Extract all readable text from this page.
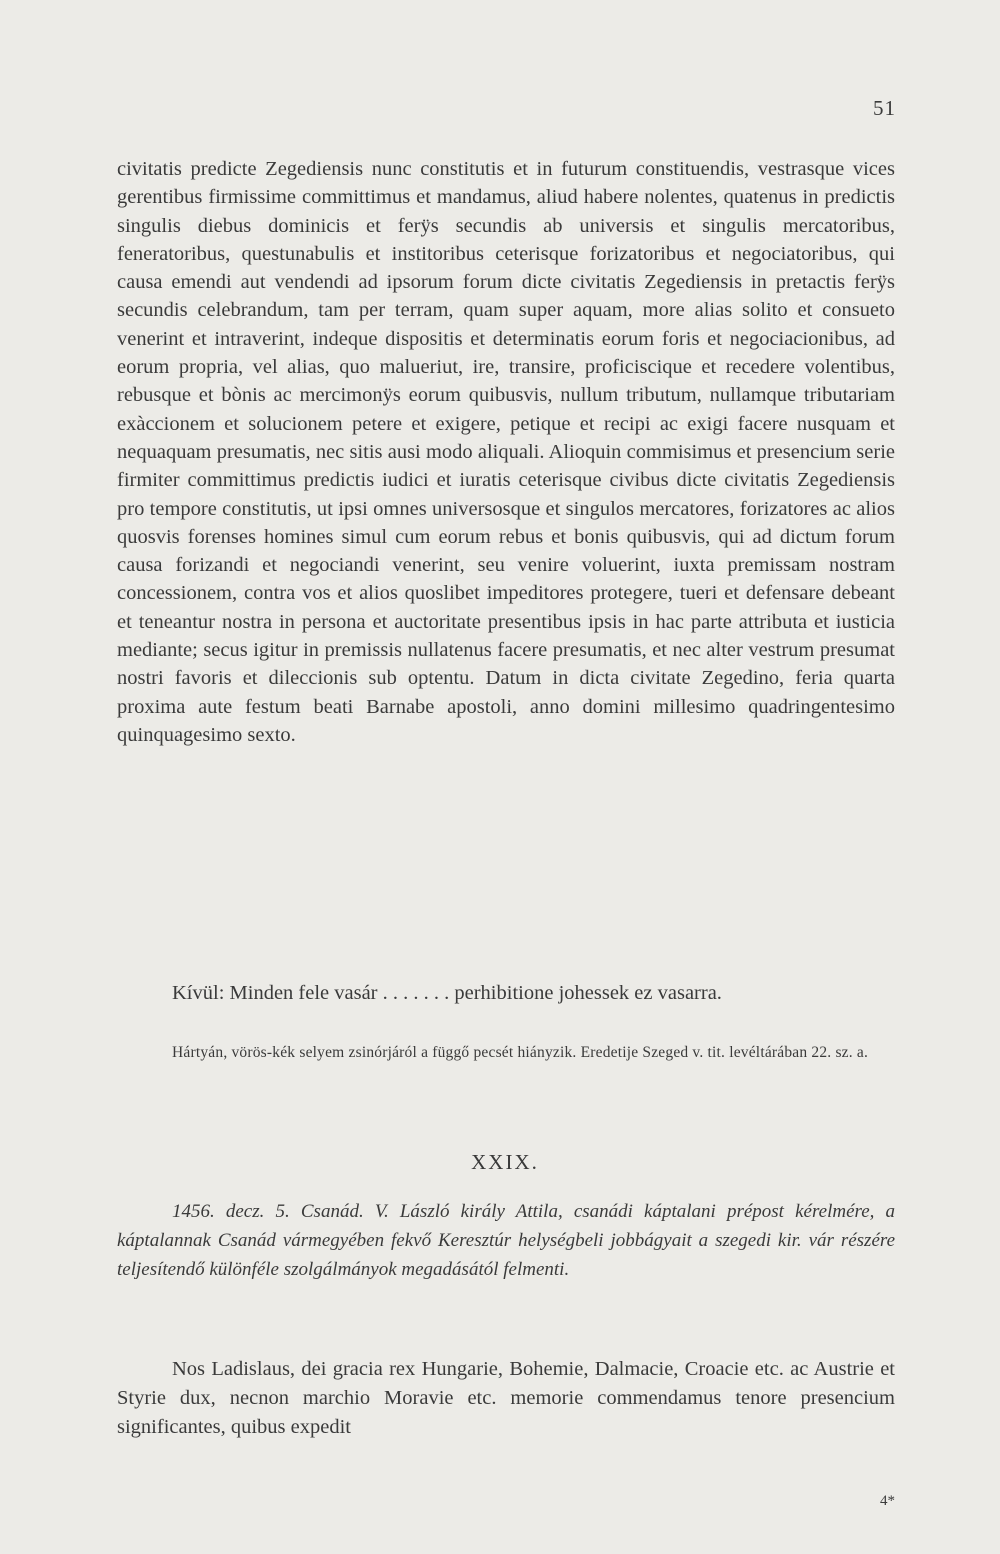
51

civitatis predicte Zegediensis nunc constitutis et in futurum constituendis, vestrasque vices gerentibus firmissime committimus et mandamus, aliud habere nolentes, quatenus in predictis singulis diebus dominicis et ferÿs secundis ab universis et singulis mercatoribus, feneratoribus, questunabulis et institoribus ceterisque forizatoribus et negociatoribus, qui causa emendi aut vendendi ad ipsorum forum dicte civitatis Zegediensis in pretactis ferÿs secundis celebrandum, tam per terram, quam super aquam, more alias solito et consueto venerint et intraverint, indeque dispositis et determinatis eorum foris et negociacionibus, ad eorum propria, vel alias, quo malueriut, ire, transire, proficiscique et recedere volentibus, rebusque et bònis ac mercimonÿs eorum quibusvis, nullum tributum, nullamque tributariam exàccionem et solucionem petere et exigere, petique et recipi ac exigi facere nusquam et nequaquam presumatis, nec sitis ausi modo aliquali. Alioquin commisimus et presencium serie firmiter committimus predictis iudici et iuratis ceterisque civibus dicte civitatis Zegediensis pro tempore constitutis, ut ipsi omnes universosque et singulos mercatores, forizatores ac alios quosvis forenses homines simul cum eorum rebus et bonis quibusvis, qui ad dictum forum causa forizandi et negociandi venerint, seu venire voluerint, iuxta premissam nostram concessionem, contra vos et alios quoslibet impeditores protegere, tueri et defensare debeant et teneantur nostra in persona et auctoritate presentibus ipsis in hac parte attributa et iusticia mediante; secus igitur in premissis nullatenus facere presumatis, et nec alter vestrum presumat nostri favoris et dileccionis sub optentu. Datum in dicta civitate Zegedino, feria quarta proxima aute festum beati Barnabe apostoli, anno domini millesimo quadringentesimo quinquagesimo sexto.

Kívül: Minden fele vasár . . . . . . . perhibitione johessek ez vasarra.

Hártyán, vörös-kék selyem zsinórjáról a függő pecsét hiányzik. Eredetije Szeged v. tit. levéltárában 22. sz. a.

XXIX.

1456. decz. 5. Csanád. V. László király Attila, csanádi káptalani prépost kérelmére, a káptalannak Csanád vármegyében fekvő Keresztúr helységbeli jobbágyait a szegedi kir. vár részére teljesítendő különféle szolgálmányok megadásától felmenti.

Nos Ladislaus, dei gracia rex Hungarie, Bohemie, Dalmacie, Croacie etc. ac Austrie et Styrie dux, necnon marchio Moravie etc. memorie commendamus tenore presencium significantes, quibus expedit

4*
